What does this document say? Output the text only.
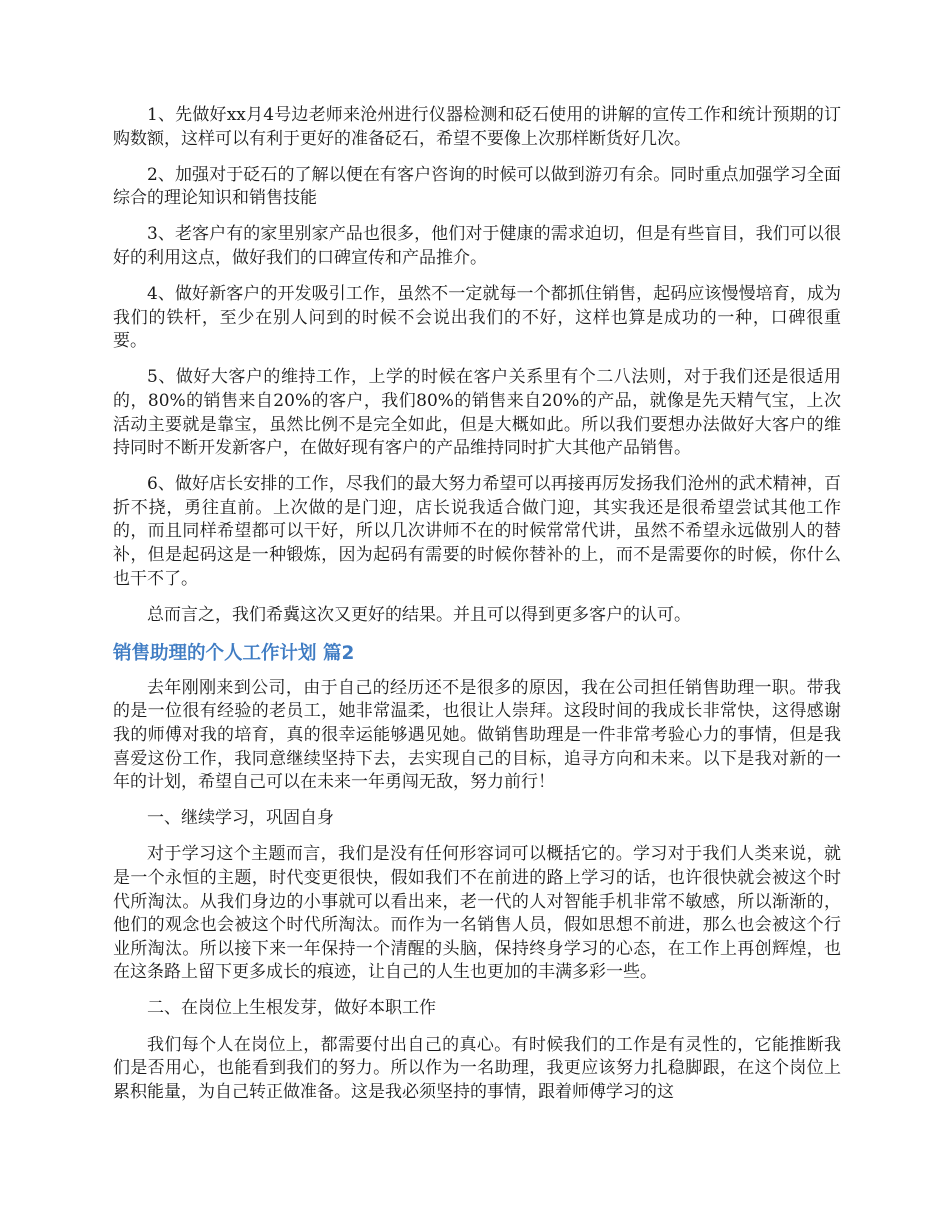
1、先做好xx月4号边老师来沧州进行仪器检测和砭石使用的讲解的宣传工作和统计预期的订购数额，这样可以有利于更好的准备砭石，希望不要像上次那样断货好几次。

2、加强对于砭石的了解以便在有客户咨询的时候可以做到游刃有余。同时重点加强学习全面综合的理论知识和销售技能

3、老客户有的家里别家产品也很多，他们对于健康的需求迫切，但是有些盲目，我们可以很好的利用这点，做好我们的口碑宣传和产品推介。

4、做好新客户的开发吸引工作，虽然不一定就每一个都抓住销售，起码应该慢慢培育，成为我们的铁杆，至少在别人问到的时候不会说出我们的不好，这样也算是成功的一种，口碑很重要。

5、做好大客户的维持工作，上学的时候在客户关系里有个二八法则，对于我们还是很适用的，80%的销售来自20%的客户，我们80%的销售来自20%的产品，就像是先天精气宝，上次活动主要就是靠宝，虽然比例不是完全如此，但是大概如此。所以我们要想办法做好大客户的维持同时不断开发新客户，在做好现有客户的产品维持同时扩大其他产品销售。

6、做好店长安排的工作，尽我们的最大努力希望可以再接再厉发扬我们沧州的武术精神，百折不挠，勇往直前。上次做的是门迎，店长说我适合做门迎，其实我还是很希望尝试其他工作的，而且同样希望都可以干好，所以几次讲师不在的时候常常代讲，虽然不希望永远做别人的替补，但是起码这是一种锻炼，因为起码有需要的时候你替补的上，而不是需要你的时候，你什么也干不了。

总而言之，我们希冀这次又更好的结果。并且可以得到更多客户的认可。

销售助理的个人工作计划 篇2

去年刚刚来到公司，由于自己的经历还不是很多的原因，我在公司担任销售助理一职。带我的是一位很有经验的老员工，她非常温柔，也很让人崇拜。这段时间的我成长非常快，这得感谢我的师傅对我的培育，真的很幸运能够遇见她。做销售助理是一件非常考验心力的事情，但是我喜爱这份工作，我同意继续坚持下去，去实现自己的目标，追寻方向和未来。以下是我对新的一年的计划，希望自己可以在未来一年勇闯无敌，努力前行！

一、继续学习，巩固自身

对于学习这个主题而言，我们是没有任何形容词可以概括它的。学习对于我们人类来说，就是一个永恒的主题，时代变更很快，假如我们不在前进的路上学习的话，也许很快就会被这个时代所淘汰。从我们身边的小事就可以看出来，老一代的人对智能手机非常不敏感，所以渐渐的，他们的观念也会被这个时代所淘汰。而作为一名销售人员，假如思想不前进，那么也会被这个行业所淘汰。所以接下来一年保持一个清醒的头脑，保持终身学习的心态，在工作上再创辉煌，也在这条路上留下更多成长的痕迹，让自己的人生也更加的丰满多彩一些。

二、在岗位上生根发芽，做好本职工作

我们每个人在岗位上，都需要付出自己的真心。有时候我们的工作是有灵性的，它能推断我们是否用心，也能看到我们的努力。所以作为一名助理，我更应该努力扎稳脚跟，在这个岗位上累积能量，为自己转正做准备。这是我必须坚持的事情，跟着师傅学习的这
